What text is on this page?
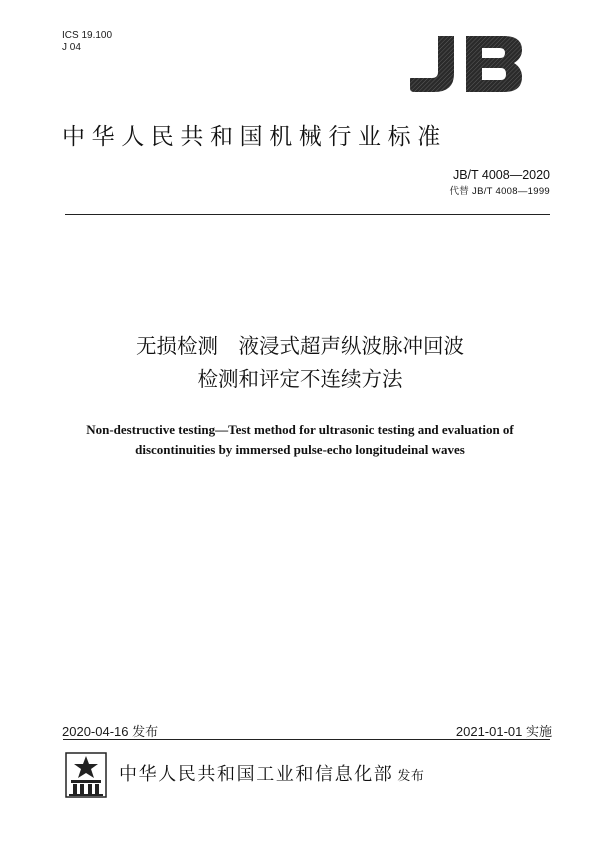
ICS 19.100
J 04
中华人民共和国机械行业标准
JB/T 4008—2020
代替 JB/T 4008—1999
无损检测　液浸式超声纵波脉冲回波
检测和评定不连续方法
Non-destructive testing—Test method for ultrasonic testing and evaluation of
discontinuities by immersed pulse-echo longitudeinal waves
2020-04-16 发布	2021-01-01 实施
中华人民共和国工业和信息化部 发布
